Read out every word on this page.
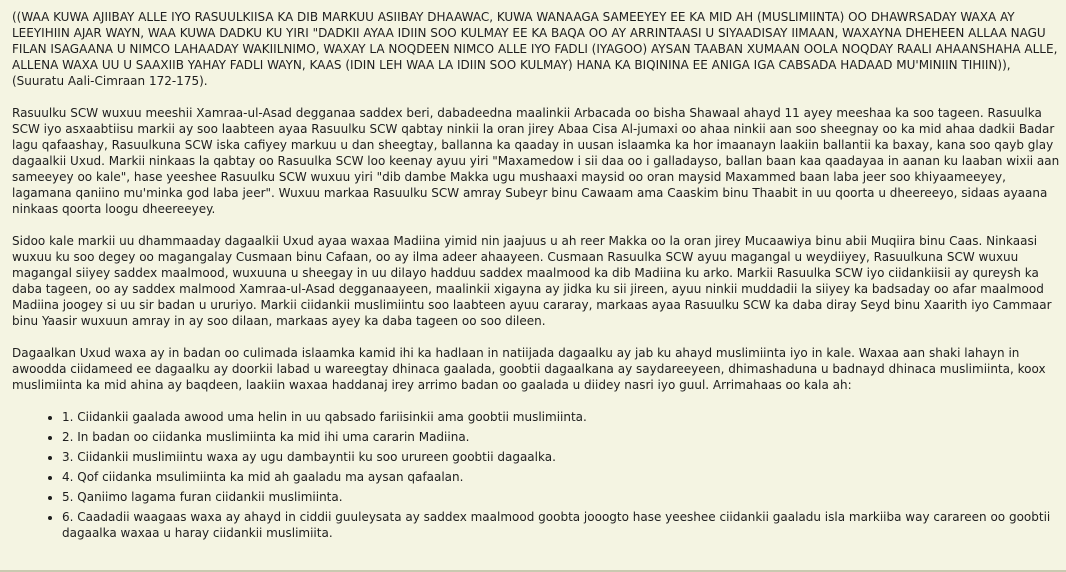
((WAA KUWA AJIIBAY ALLE IYO RASUULKIISA KA DIB MARKUU ASIIBAY DHAAWAC, KUWA WANAAGA SAMEEYEY EE KA MID AH (MUSLIMIINTA) OO DHAWRSADAY WAXA AY LEEYIHIIN AJAR WAYN, WAA KUWA DADKU KU YIRI "DADKII AYAA IDIIN SOO KULMAY EE KA BAQA OO AY ARRINTAASI U SIYAADISAY IIMAAN, WAXAYNA DHEHEEN ALLAA NAGU FILAN ISAGAANA U NIMCO LAHAADAY WAKIILNIMO, WAXAY LA NOQDEEN NIMCO ALLE IYO FADLI (IYAGOO) AYSAN TAABAN XUMAAN OOLA NOQDAY RAALI AHAANSHAHA ALLE, ALLENA WAXA UU U SAAXIIB YAHAY FADLI WAYN, KAAS (IDIN LEH WAA LA IDIIN SOO KULMAY) HANA KA BIQININA EE ANIGA IGA CABSADA HADAAD MU'MINIIN TIHIIN)), (Suuratu Aali-Cimraan 172-175).

Rasuulku SCW wuxuu meeshii Xamraa-ul-Asad degganaa saddex beri, dabadeedna maalinkii Arbacada oo bisha Shawaal ahayd 11 ayey meeshaa ka soo tageen. Rasuulka SCW iyo asxaabtiisu markii ay soo laabteen ayaa Rasuulku SCW qabtay ninkii la oran jirey Abaa Cisa Al-jumaxi oo ahaa ninkii aan soo sheegnay oo ka mid ahaa dadkii Badar lagu qafaashay, Rasuulkuna SCW iska cafiyey markuu u dan sheegtay, ballanna ka qaaday in uusan islaamka ka hor imaanayn laakiin ballantii ka baxay, kana soo qayb glay dagaalkii Uxud. Markii ninkaas la qabtay oo Rasuulka SCW loo keenay ayuu yiri "Maxamedow i sii daa oo i galladayso, ballan baan kaa qaadayaa in aanan ku laaban wixii aan sameeyey oo kale", hase yeeshee Rasuulku SCW wuxuu yiri "dib dambe Makka ugu mushaaxi maysid oo oran maysid Maxammed baan laba jeer soo khiyaameeyey, lagamana qaniino mu'minka god laba jeer". Wuxuu markaa Rasuulku SCW amray Subeyr binu Cawaam ama Caaskim binu Thaabit in uu qoorta u dheereeyo, sidaas ayaana ninkaas qoorta loogu dheereeyey.

Sidoo kale markii uu dhammaaday dagaalkii Uxud ayaa waxaa Madiina yimid nin jaajuus u ah reer Makka oo la oran jirey Mucaawiya binu abii Muqiira binu Caas. Ninkaasi wuxuu ku soo degey oo magangalay Cusmaan binu Cafaan, oo ay ilma adeer ahaayeen. Cusmaan Rasuulka SCW ayuu magangal u weydiiyey, Rasuulkuna SCW wuxuu magangal siiyey saddex maalmood, wuxuuna u sheegay in uu dilayo hadduu saddex maalmood ka dib Madiina ku arko. Markii Rasuulka SCW iyo ciidankiisii ay qureysh ka daba tageen, oo ay saddex malmood Xamraa-ul-Asad degganaayeen, maalinkii xigayna ay jidka ku sii jireen, ayuu ninkii muddadii la siiyey ka badsaday oo afar maalmood Madiina joogey si uu sir badan u ururiyo. Markii ciidankii muslimiintu soo laabteen ayuu cararay, markaas ayaa Rasuulku SCW ka daba diray Seyd binu Xaarith iyo Cammaar binu Yaasir wuxuun amray in ay soo dilaan, markaas ayey ka daba tageen oo soo dileen.

Dagaalkan Uxud waxa ay in badan oo culimada islaamka kamid ihi ka hadlaan in natiijada dagaalku ay jab ku ahayd muslimiinta iyo in kale. Waxaa aan shaki lahayn in awoodda ciidameed ee dagaalku ay doorkii labad u wareegtay dhinaca gaalada, goobtii dagaalkana ay saydareeyeen, dhimashaduna u badnayd dhinaca muslimiinta, koox muslimiinta ka mid ahina ay baqdeen, laakiin waxaa haddanaj irey arrimo badan oo gaalada u diidey nasri iyo guul. Arrimahaas oo kala ah:

• 1. Ciidankii gaalada awood uma helin in uu qabsado fariisinkii ama goobtii muslimiinta.
• 2. In badan oo ciidanka muslimiinta ka mid ihi uma cararin Madiina.
• 3. Ciidankii muslimiintu waxa ay ugu dambayntii ku soo urureen goobtii dagaalka.
• 4. Qof ciidanka msulimiinta ka mid ah gaaladu ma aysan qafaalan.
• 5. Qaniimo lagama furan ciidankii muslimiinta.
• 6. Caadadii waagaas waxa ay ahayd in ciddii guuleysata ay saddex maalmood goobta jooogto hase yeeshee ciidankii gaaladu isla markiiba way carareen oo goobtii dagaalka waxaa u haray ciidankii muslimiita.
